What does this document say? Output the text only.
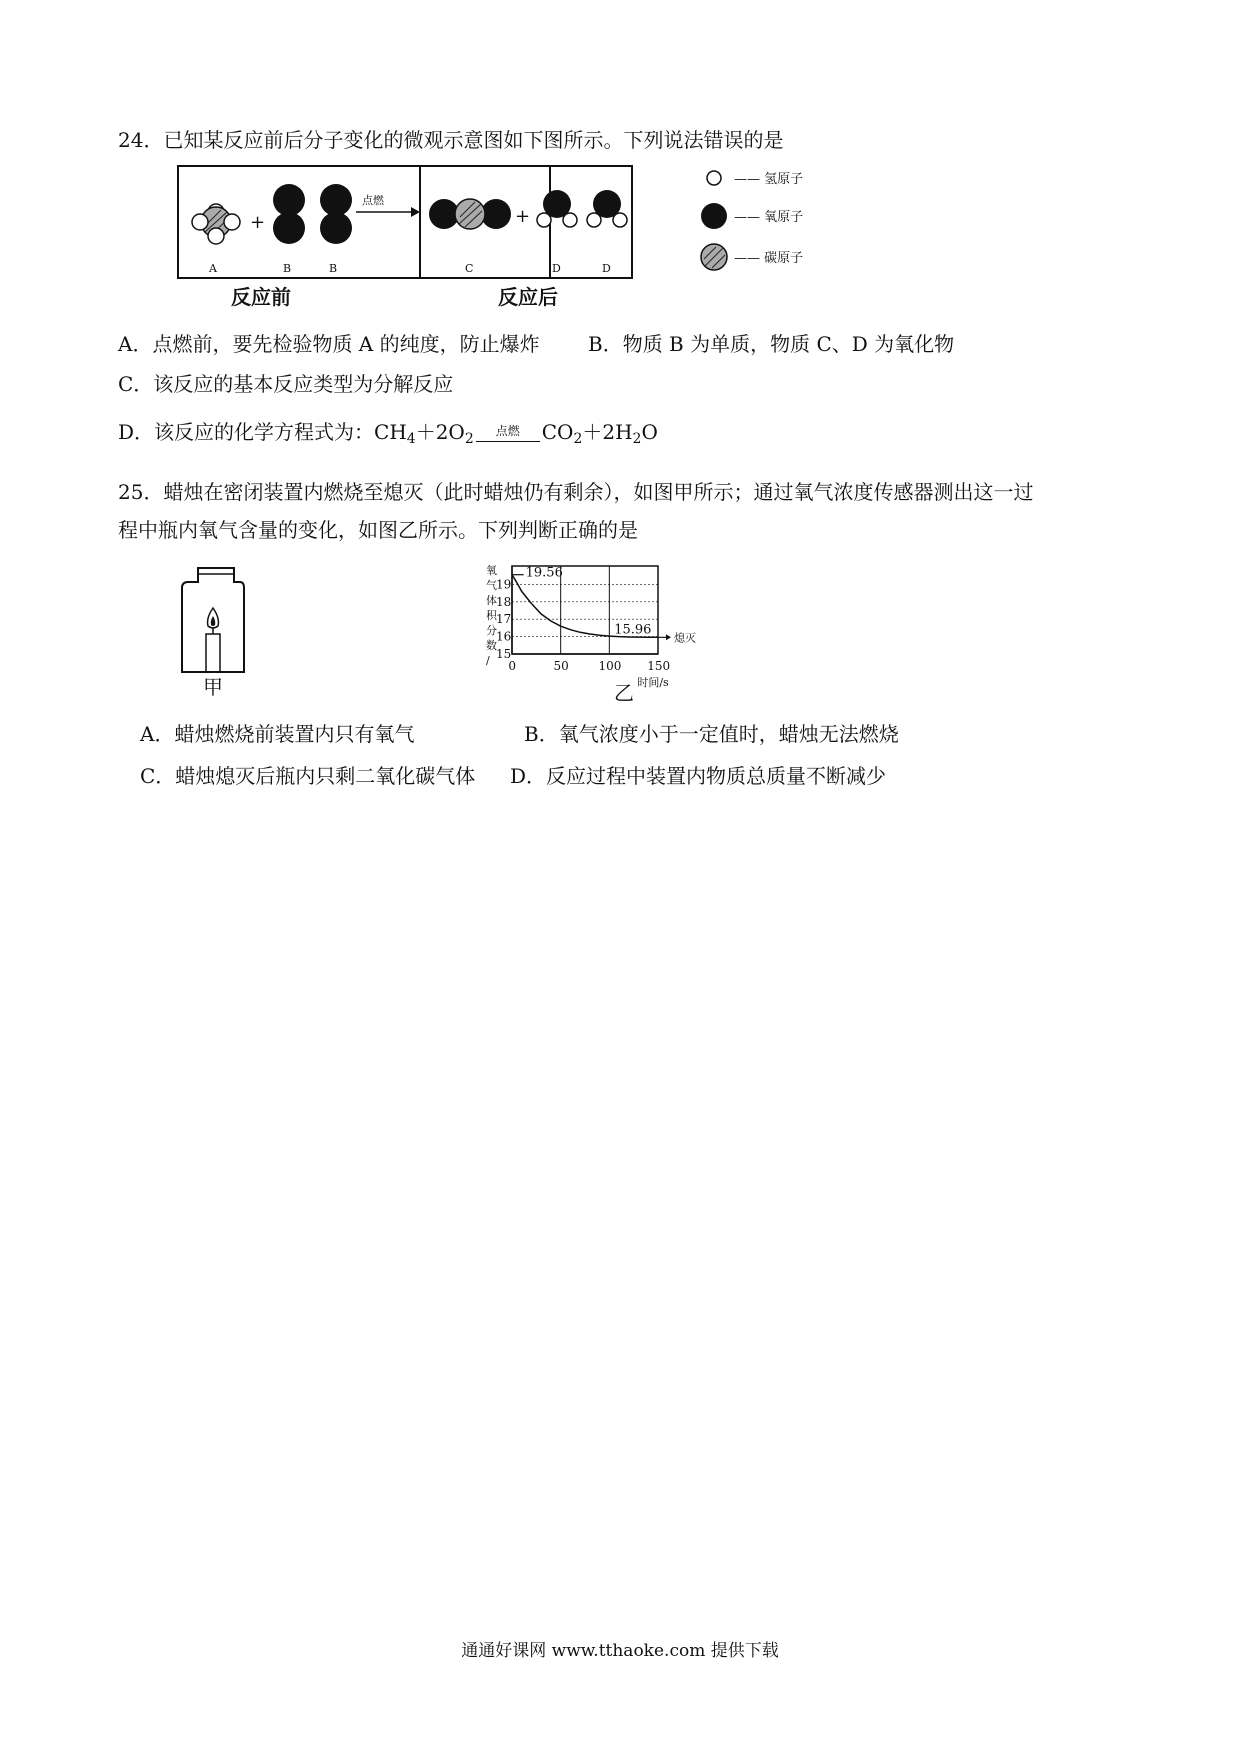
24．已知某反应前后分子变化的微观示意图如下图所示。下列说法错误的是
+
A	B	B
点燃
+
C	D	D
反应前	反应后
—— 氢原子
—— 氧原子
—— 碳原子
A．点燃前，要先检验物质 A 的纯度，防止爆炸 B．物质 B 为单质，物质 C、D 为氧化物
C．该反应的基本反应类型为分解反应
D．该反应的化学方程式为：$CH_4+2O_2$ $^{点燃}$ $CO_2+2H_2O$
25．蜡烛在密闭装置内燃烧至熄灭（此时蜡烛仍有剩余），如图甲所示；通过氧气浓度传感器测出这一过
程中瓶内氧气含量的变化，如图乙所示。下列判断正确的是
甲
氧
气
体
积
分
数
/ 15
16
17
18
19
0	50 100 150
19.56
15.96
熄灭
时间/s
乙
A．蜡烛燃烧前装置内只有氧气	B．氧气浓度小于一定值时，蜡烛无法燃烧
C．蜡烛熄灭后瓶内只剩二氧化碳气体 D．反应过程中装置内物质总质量不断减少
通通好课网 www.tthaoke.com 提供下载
